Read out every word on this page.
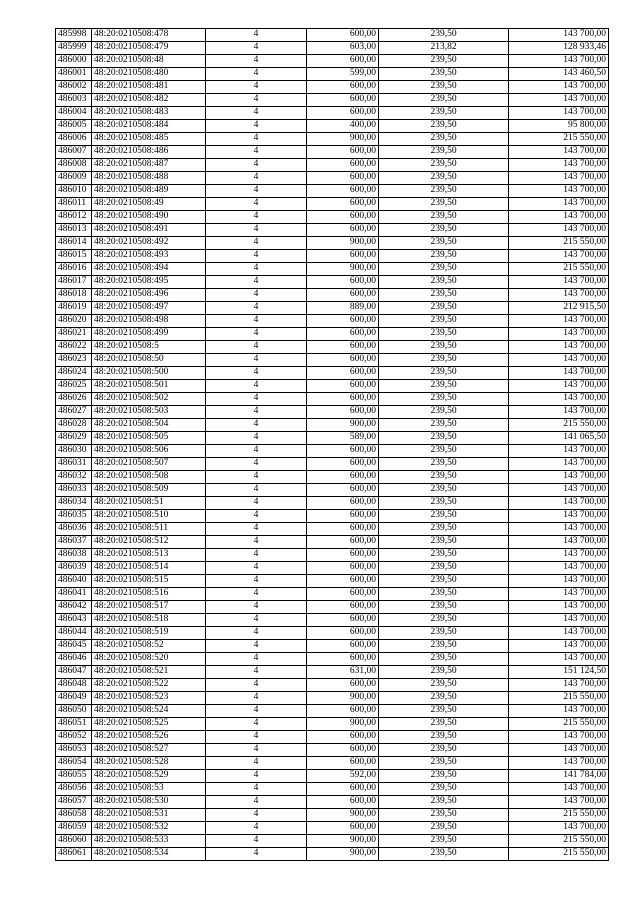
485998	48:20:0210508:478	4	600,00	239,50	143 700,00
485999	48:20:0210508:479	4	603,00	213,82	128 933,46
486000	48:20:0210508:48	4	600,00	239,50	143 700,00
486001	48:20:0210508:480	4	599,00	239,50	143 460,50
486002	48:20:0210508:481	4	600,00	239,50	143 700,00
486003	48:20:0210508:482	4	600,00	239,50	143 700,00
486004	48:20:0210508:483	4	600,00	239,50	143 700,00
486005	48:20:0210508:484	4	400,00	239,50	95 800,00
486006	48:20:0210508:485	4	900,00	239,50	215 550,00
486007	48:20:0210508:486	4	600,00	239,50	143 700,00
486008	48:20:0210508:487	4	600,00	239,50	143 700,00
486009	48:20:0210508:488	4	600,00	239,50	143 700,00
486010	48:20:0210508:489	4	600,00	239,50	143 700,00
486011	48:20:0210508:49	4	600,00	239,50	143 700,00
486012	48:20:0210508:490	4	600,00	239,50	143 700,00
486013	48:20:0210508:491	4	600,00	239,50	143 700,00
486014	48:20:0210508:492	4	900,00	239,50	215 550,00
486015	48:20:0210508:493	4	600,00	239,50	143 700,00
486016	48:20:0210508:494	4	900,00	239,50	215 550,00
486017	48:20:0210508:495	4	600,00	239,50	143 700,00
486018	48:20:0210508:496	4	600,00	239,50	143 700,00
486019	48:20:0210508:497	4	889,00	239,50	212 915,50
486020	48:20:0210508:498	4	600,00	239,50	143 700,00
486021	48:20:0210508:499	4	600,00	239,50	143 700,00
486022	48:20:0210508:5	4	600,00	239,50	143 700,00
486023	48:20:0210508:50	4	600,00	239,50	143 700,00
486024	48:20:0210508:500	4	600,00	239,50	143 700,00
486025	48:20:0210508:501	4	600,00	239,50	143 700,00
486026	48:20:0210508:502	4	600,00	239,50	143 700,00
486027	48:20:0210508:503	4	600,00	239,50	143 700,00
486028	48:20:0210508:504	4	900,00	239,50	215 550,00
486029	48:20:0210508:505	4	589,00	239,50	141 065,50
486030	48:20:0210508:506	4	600,00	239,50	143 700,00
486031	48:20:0210508:507	4	600,00	239,50	143 700,00
486032	48:20:0210508:508	4	600,00	239,50	143 700,00
486033	48:20:0210508:509	4	600,00	239,50	143 700,00
486034	48:20:0210508:51	4	600,00	239,50	143 700,00
486035	48:20:0210508:510	4	600,00	239,50	143 700,00
486036	48:20:0210508:511	4	600,00	239,50	143 700,00
486037	48:20:0210508:512	4	600,00	239,50	143 700,00
486038	48:20:0210508:513	4	600,00	239,50	143 700,00
486039	48:20:0210508:514	4	600,00	239,50	143 700,00
486040	48:20:0210508:515	4	600,00	239,50	143 700,00
486041	48:20:0210508:516	4	600,00	239,50	143 700,00
486042	48:20:0210508:517	4	600,00	239,50	143 700,00
486043	48:20:0210508:518	4	600,00	239,50	143 700,00
486044	48:20:0210508:519	4	600,00	239,50	143 700,00
486045	48:20:0210508:52	4	600,00	239,50	143 700,00
486046	48:20:0210508:520	4	600,00	239,50	143 700,00
486047	48:20:0210508:521	4	631,00	239,50	151 124,50
486048	48:20:0210508:522	4	600,00	239,50	143 700,00
486049	48:20:0210508:523	4	900,00	239,50	215 550,00
486050	48:20:0210508:524	4	600,00	239,50	143 700,00
486051	48:20:0210508:525	4	900,00	239,50	215 550,00
486052	48:20:0210508:526	4	600,00	239,50	143 700,00
486053	48:20:0210508:527	4	600,00	239,50	143 700,00
486054	48:20:0210508:528	4	600,00	239,50	143 700,00
486055	48:20:0210508:529	4	592,00	239,50	141 784,00
486056	48:20:0210508:53	4	600,00	239,50	143 700,00
486057	48:20:0210508:530	4	600,00	239,50	143 700,00
486058	48:20:0210508:531	4	900,00	239,50	215 550,00
486059	48:20:0210508:532	4	600,00	239,50	143 700,00
486060	48:20:0210508:533	4	900,00	239,50	215 550,00
486061	48:20:0210508:534	4	900,00	239,50	215 550,00
